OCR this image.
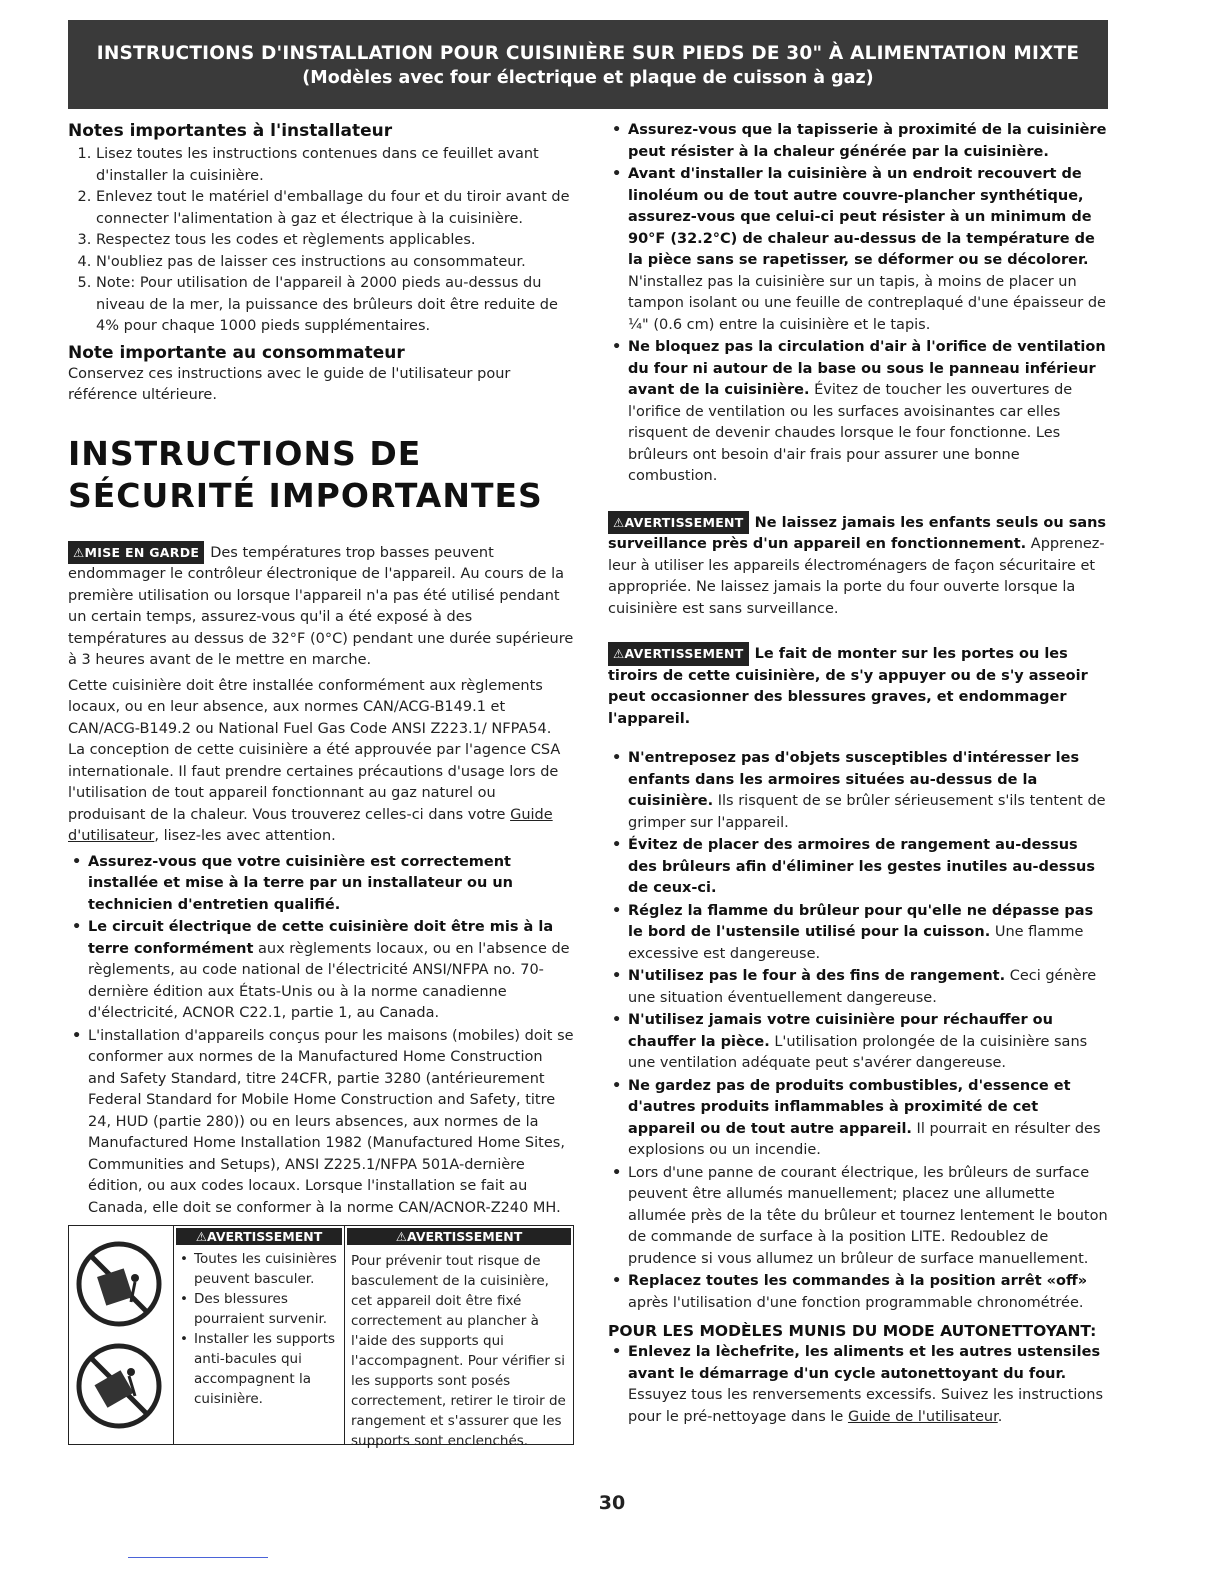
INSTRUCTIONS D'INSTALLATION POUR CUISINIÈRE SUR PIEDS DE 30" À ALIMENTATION MIXTE
(Modèles avec four électrique et plaque de cuisson à gaz)
Notes importantes à l'installateur
1. Lisez toutes les instructions contenues dans ce feuillet avant d'installer la cuisinière.
2. Enlevez tout le matériel d'emballage du four et du tiroir avant de connecter l'alimentation à gaz et électrique à la cuisinière.
3. Respectez tous les codes et règlements applicables.
4. N'oubliez pas de laisser ces instructions au consommateur.
5. Note: Pour utilisation de l'appareil à 2000 pieds au-dessus du niveau de la mer, la puissance des brûleurs doit être reduite de 4% pour chaque 1000 pieds supplémentaires.
Note importante au consommateur

Conservez ces instructions avec le guide de l'utilisateur pour référence ultérieure.

INSTRUCTIONS DE SÉCURITÉ IMPORTANTES

⚠MISE EN GARDE Des températures trop basses peuvent endommager le contrôleur électronique de l'appareil. Au cours de la première utilisation ou lorsque l'appareil n'a pas été utilisé pendant un certain temps, assurez-vous qu'il a été exposé à des températures au dessus de 32°F (0°C) pendant une durée supérieure à 3 heures avant de le mettre en marche.

Cette cuisinière doit être installée conformément aux règlements locaux, ou en leur absence, aux normes CAN/ACG-B149.1 et CAN/ACG-B149.2 ou National Fuel Gas Code ANSI Z223.1/ NFPA54.

La conception de cette cuisinière a été approuvée par l'agence CSA internationale. Il faut prendre certaines précautions d'usage lors de l'utilisation de tout appareil fonctionnant au gaz naturel ou produisant de la chaleur. Vous trouverez celles-ci dans votre Guide d'utilisateur, lisez-les avec attention.

• Assurez-vous que votre cuisinière est correctement installée et mise à la terre par un installateur ou un technicien d'entretien qualifié.
• Le circuit électrique de cette cuisinière doit être mis à la terre conformément aux règlements locaux, ou en l'absence de règlements, au code national de l'électricité ANSI/NFPA no. 70- dernière édition aux États-Unis ou à la norme canadienne d'électricité, ACNOR C22.1, partie 1, au Canada.
• L'installation d'appareils conçus pour les maisons (mobiles) doit se conformer aux normes de la Manufactured Home Construction and Safety Standard, titre 24CFR, partie 3280 (antérieurement Federal Standard for Mobile Home Construction and Safety, titre 24, HUD (partie 280)) ou en leurs absences, aux normes de la Manufactured Home Installation 1982 (Manufactured Home Sites, Communities and Setups), ANSI Z225.1/NFPA 501A-dernière édition, ou aux codes locaux. Lorsque l'installation se fait au Canada, elle doit se conformer à la norme CAN/ACNOR-Z240 MH.
⚠AVERTISSEMENT
• Toutes les cuisinières peuvent basculer.
• Des blessures pourraient survenir.
• Installer les supports anti-bacules qui accompagnent la cuisinière.
⚠AVERTISSEMENT
Pour prévenir tout risque de basculement de la cuisinière, cet appareil doit être fixé correctement au plancher à l'aide des supports qui l'accompagnent. Pour vérifier si les supports sont posés correctement, retirer le tiroir de rangement et s'assurer que les supports sont enclenchés.
• Assurez-vous que la tapisserie à proximité de la cuisinière peut résister à la chaleur générée par la cuisinière.
• Avant d'installer la cuisinière à un endroit recouvert de linoléum ou de tout autre couvre-plancher synthétique, assurez-vous que celui-ci peut résister à un minimum de 90°F (32.2°C) de chaleur au-dessus de la température de la pièce sans se rapetisser, se déformer ou se décolorer. N'installez pas la cuisinière sur un tapis, à moins de placer un tampon isolant ou une feuille de contreplaqué d'une épaisseur de ¼" (0.6 cm) entre la cuisinière et le tapis.
• Ne bloquez pas la circulation d'air à l'orifice de ventilation du four ni autour de la base ou sous le panneau inférieur avant de la cuisinière. Évitez de toucher les ouvertures de l'orifice de ventilation ou les surfaces avoisinantes car elles risquent de devenir chaudes lorsque le four fonctionne. Les brûleurs ont besoin d'air frais pour assurer une bonne combustion.

⚠AVERTISSEMENT Ne laissez jamais les enfants seuls ou sans surveillance près d'un appareil en fonctionnement. Apprenez-leur à utiliser les appareils électroménagers de façon sécuritaire et appropriée. Ne laissez jamais la porte du four ouverte lorsque la cuisinière est sans surveillance.

⚠AVERTISSEMENT Le fait de monter sur les portes ou les tiroirs de cette cuisinière, de s'y appuyer ou de s'y asseoir peut occasionner des blessures graves, et endommager l'appareil.

• N'entreposez pas d'objets susceptibles d'intéresser les enfants dans les armoires situées au-dessus de la cuisinière. Ils risquent de se brûler sérieusement s'ils tentent de grimper sur l'appareil.
• Évitez de placer des armoires de rangement au-dessus des brûleurs afin d'éliminer les gestes inutiles au-dessus de ceux-ci.
• Réglez la flamme du brûleur pour qu'elle ne dépasse pas le bord de l'ustensile utilisé pour la cuisson. Une flamme excessive est dangereuse.
• N'utilisez pas le four à des fins de rangement. Ceci génère une situation éventuellement dangereuse.
• N'utilisez jamais votre cuisinière pour réchauffer ou chauffer la pièce. L'utilisation prolongée de la cuisinière sans une ventilation adéquate peut s'avérer dangereuse.
• Ne gardez pas de produits combustibles, d'essence et d'autres produits inflammables à proximité de cet appareil ou de tout autre appareil. Il pourrait en résulter des explosions ou un incendie.
• Lors d'une panne de courant électrique, les brûleurs de surface peuvent être allumés manuellement; placez une allumette allumée près de la tête du brûleur et tournez lentement le bouton de commande de surface à la position LITE. Redoublez de prudence si vous allumez un brûleur de surface manuellement.
• Replacez toutes les commandes à la position arrêt «off» après l'utilisation d'une fonction programmable chronométrée.
POUR LES MODÈLES MUNIS DU MODE AUTONETTOYANT:
• Enlevez la lèchefrite, les aliments et les autres ustensiles avant le démarrage d'un cycle autonettoyant du four. Essuyez tous les renversements excessifs. Suivez les instructions pour le pré-nettoyage dans le Guide de l'utilisateur.
30
